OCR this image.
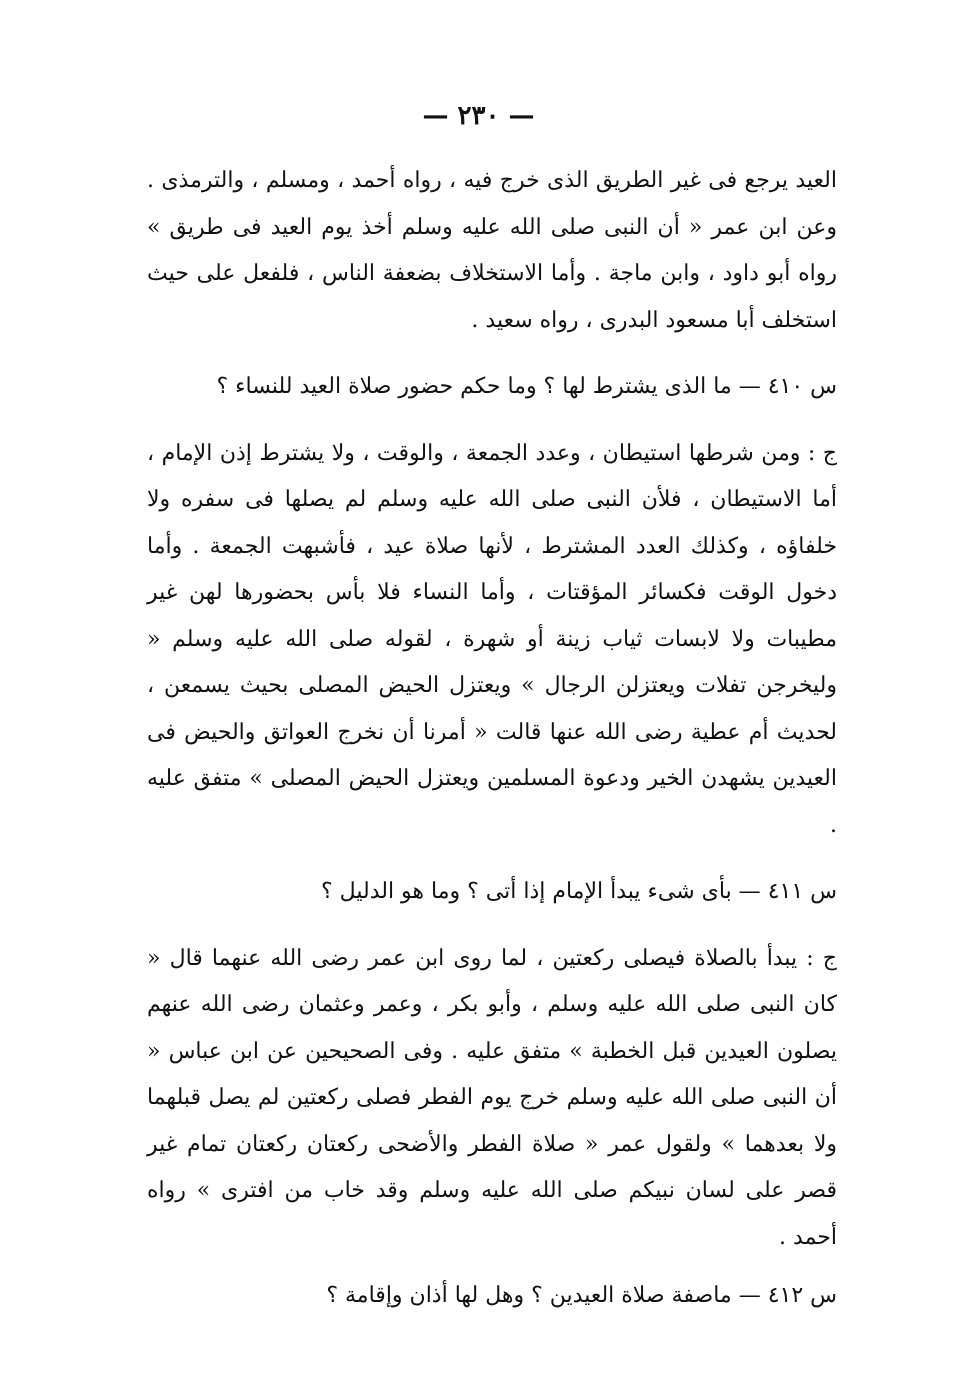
— ٢٣٠ —

العيد يرجع فى غير الطريق الذى خرج فيه ، رواه أحمد ، ومسلم ، والترمذى . وعن ابن عمر « أن النبى صلى الله عليه وسلم أخذ يوم العيد فى طريق » رواه أبو داود ، وابن ماجة . وأما الاستخلاف بضعفة الناس ، فلفعل على حيث استخلف أبا مسعود البدرى ، رواه سعيد .

س ٤١٠ — ما الذى يشترط لها ؟ وما حكم حضور صلاة العيد للنساء ؟

ج : ومن شرطها استيطان ، وعدد الجمعة ، والوقت ، ولا يشترط إذن الإمام ، أما الاستيطان ، فلأن النبى صلى الله عليه وسلم لم يصلها فى سفره ولا خلفاؤه ، وكذلك العدد المشترط ، لأنها صلاة عيد ، فأشبهت الجمعة . وأما دخول الوقت فكسائر المؤقتات ، وأما النساء فلا بأس بحضورها لهن غير مطيبات ولا لابسات ثياب زينة أو شهرة ، لقوله صلى الله عليه وسلم « وليخرجن تفلات ويعتزلن الرجال » ويعتزل الحيض المصلى بحيث يسمعن ، لحديث أم عطية رضى الله عنها قالت « أمرنا أن نخرج العواتق والحيض فى العيدين يشهدن الخير ودعوة المسلمين ويعتزل الحيض المصلى » متفق عليه .

س ٤١١ — بأى شىء يبدأ الإمام إذا أتى ؟ وما هو الدليل ؟

ج : يبدأ بالصلاة فيصلى ركعتين ، لما روى ابن عمر رضى الله عنهما قال « كان النبى صلى الله عليه وسلم ، وأبو بكر ، وعمر وعثمان رضى الله عنهم يصلون العيدين قبل الخطبة » متفق عليه . وفى الصحيحين عن ابن عباس « أن النبى صلى الله عليه وسلم خرج يوم الفطر فصلى ركعتين لم يصل قبلهما ولا بعدهما » ولقول عمر « صلاة الفطر والأضحى ركعتان ركعتان تمام غير قصر على لسان نبيكم صلى الله عليه وسلم وقد خاب من افترى » رواه أحمد .

س ٤١٢ — ماصفة صلاة العيدين ؟ وهل لها أذان وإقامة ؟
